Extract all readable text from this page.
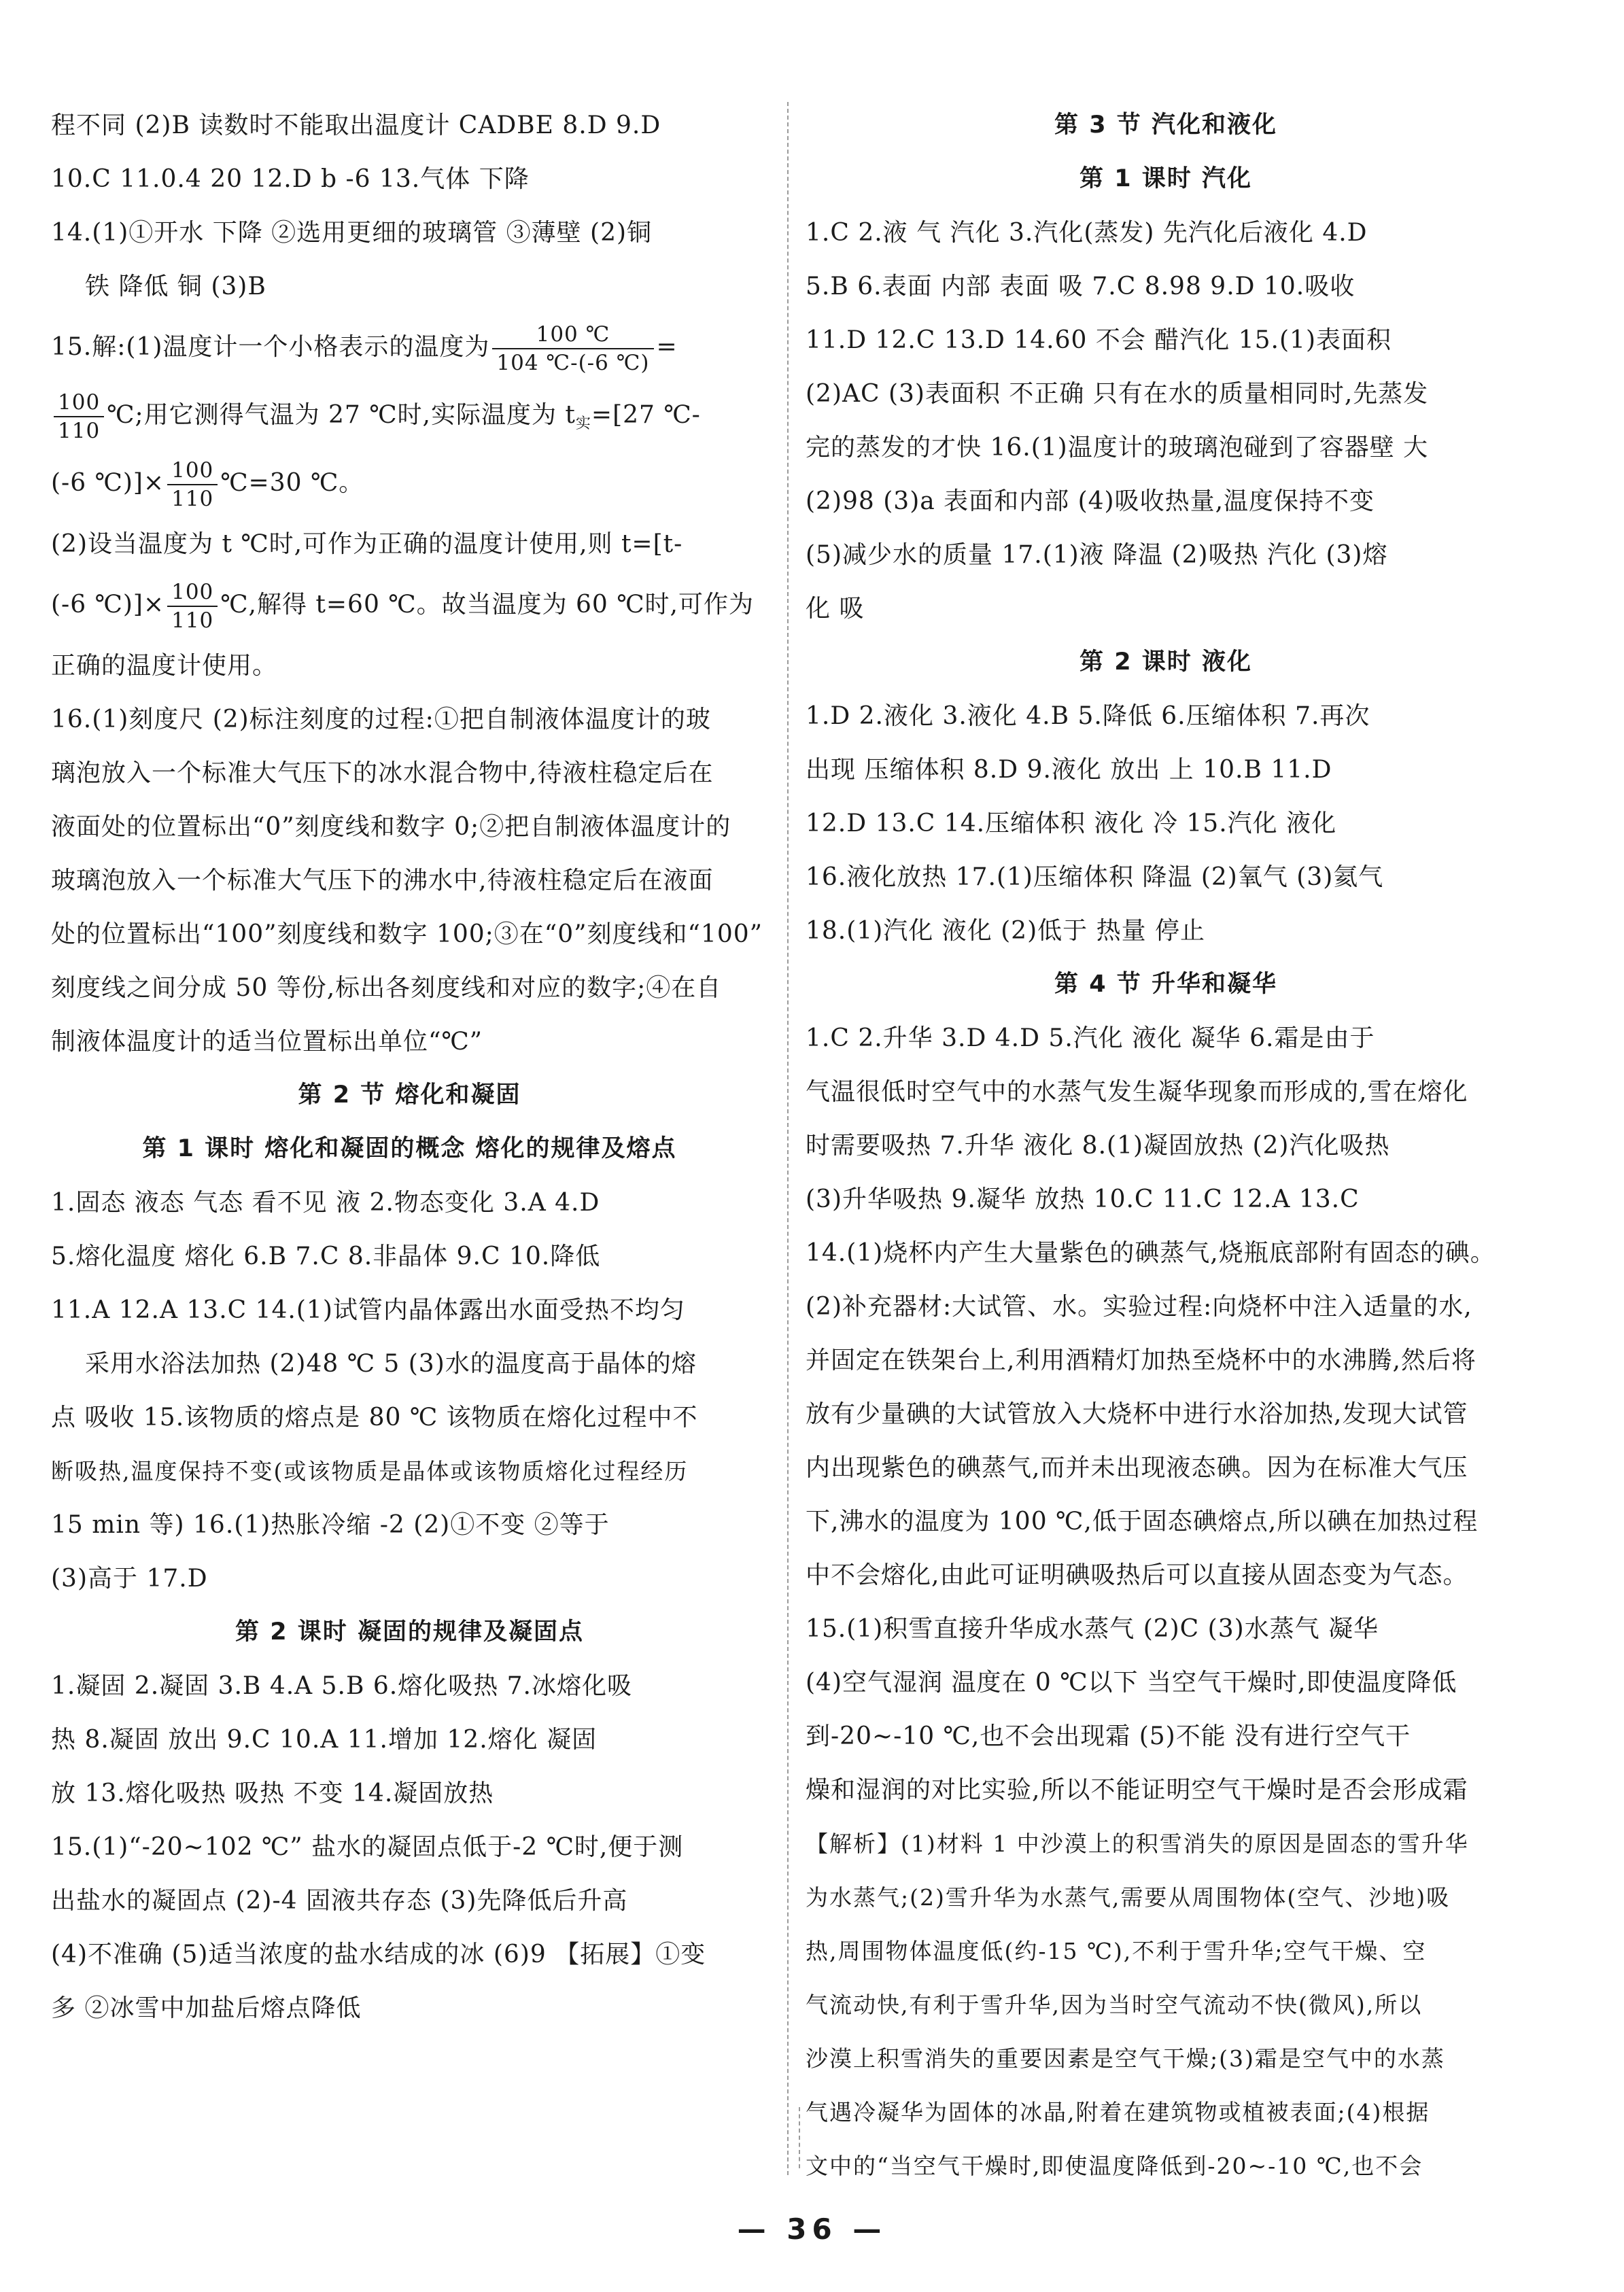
程不同 (2)B 读数时不能取出温度计 CADBE 8.D 9.D
10.C 11.0.4 20 12.D b -6 13.气体 下降
14.(1)①开水 下降 ②选用更细的玻璃管 ③薄壁 (2)铜
铁 降低 铜 (3)B
15.解:(1)温度计一个小格表示的温度为 $\frac{100 ℃}{104 ℃-(-6 ℃)}$ =
$\frac{100}{110}$ ℃;用它测得气温为 27 ℃时,实际温度为 $t_实=[27$ ℃-
(-6 ℃)]× $\frac{100}{110}$ ℃=30 ℃。
(2)设当温度为 t ℃时,可作为正确的温度计使用,则 t=[t-
(-6 ℃)]× $\frac{100}{110}$ ℃,解得 t=60 ℃。故当温度为 60 ℃时,可作为
正确的温度计使用。
16.(1)刻度尺 (2)标注刻度的过程:①把自制液体温度计的玻
璃泡放入一个标准大气压下的冰水混合物中,待液柱稳定后在
液面处的位置标出“0”刻度线和数字 0;②把自制液体温度计的
玻璃泡放入一个标准大气压下的沸水中,待液柱稳定后在液面
处的位置标出“100”刻度线和数字 100;③在“0”刻度线和“100”
刻度线之间分成 50 等份,标出各刻度线和对应的数字;④在自
制液体温度计的适当位置标出单位“℃”
第 2 节 熔化和凝固
第 1 课时 熔化和凝固的概念 熔化的规律及熔点
1.固态 液态 气态 看不见 液 2.物态变化 3.A 4.D
5.熔化温度 熔化 6.B 7.C 8.非晶体 9.C 10.降低
11.A 12.A 13.C 14.(1)试管内晶体露出水面受热不均匀
采用水浴法加热 (2)48 ℃ 5 (3)水的温度高于晶体的熔
点 吸收 15.该物质的熔点是 80 ℃ 该物质在熔化过程中不
断吸热,温度保持不变(或该物质是晶体或该物质熔化过程经历
15 min 等) 16.(1)热胀冷缩 -2 (2)①不变 ②等于
(3)高于 17.D
第 2 课时 凝固的规律及凝固点
1.凝固 2.凝固 3.B 4.A 5.B 6.熔化吸热 7.冰熔化吸
热 8.凝固 放出 9.C 10.A 11.增加 12.熔化 凝固
放 13.熔化吸热 吸热 不变 14.凝固放热
15.(1)“-20~102 ℃” 盐水的凝固点低于-2 ℃时,便于测
出盐水的凝固点 (2)-4 固液共存态 (3)先降低后升高
(4)不准确 (5)适当浓度的盐水结成的冰 (6)9 【拓展】①变
多 ②冰雪中加盐后熔点降低
第 3 节 汽化和液化
第 1 课时 汽化
1.C 2.液 气 汽化 3.汽化(蒸发) 先汽化后液化 4.D
5.B 6.表面 内部 表面 吸 7.C 8.98 9.D 10.吸收
11.D 12.C 13.D 14.60 不会 醋汽化 15.(1)表面积
(2)AC (3)表面积 不正确 只有在水的质量相同时,先蒸发
完的蒸发的才快 16.(1)温度计的玻璃泡碰到了容器壁 大
(2)98 (3)a 表面和内部 (4)吸收热量,温度保持不变
(5)减少水的质量 17.(1)液 降温 (2)吸热 汽化 (3)熔
化 吸
第 2 课时 液化
1.D 2.液化 3.液化 4.B 5.降低 6.压缩体积 7.再次
出现 压缩体积 8.D 9.液化 放出 上 10.B 11.D
12.D 13.C 14.压缩体积 液化 冷 15.汽化 液化
16.液化放热 17.(1)压缩体积 降温 (2)氧气 (3)氦气
18.(1)汽化 液化 (2)低于 热量 停止
第 4 节 升华和凝华
1.C 2.升华 3.D 4.D 5.汽化 液化 凝华 6.霜是由于
气温很低时空气中的水蒸气发生凝华现象而形成的,雪在熔化
时需要吸热 7.升华 液化 8.(1)凝固放热 (2)汽化吸热
(3)升华吸热 9.凝华 放热 10.C 11.C 12.A 13.C
14.(1)烧杯内产生大量紫色的碘蒸气,烧瓶底部附有固态的碘。
(2)补充器材:大试管、水。实验过程:向烧杯中注入适量的水,
并固定在铁架台上,利用酒精灯加热至烧杯中的水沸腾,然后将
放有少量碘的大试管放入大烧杯中进行水浴加热,发现大试管
内出现紫色的碘蒸气,而并未出现液态碘。因为在标准大气压
下,沸水的温度为 100 ℃,低于固态碘熔点,所以碘在加热过程
中不会熔化,由此可证明碘吸热后可以直接从固态变为气态。
15.(1)积雪直接升华成水蒸气 (2)C (3)水蒸气 凝华
(4)空气湿润 温度在 0 ℃以下 当空气干燥时,即使温度降低
到-20~-10 ℃,也不会出现霜 (5)不能 没有进行空气干
燥和湿润的对比实验,所以不能证明空气干燥时是否会形成霜
【解析】(1)材料 1 中沙漠上的积雪消失的原因是固态的雪升华
为水蒸气;(2)雪升华为水蒸气,需要从周围物体(空气、沙地)吸
热,周围物体温度低(约-15 ℃),不利于雪升华;空气干燥、空
气流动快,有利于雪升华,因为当时空气流动不快(微风),所以
沙漠上积雪消失的重要因素是空气干燥;(3)霜是空气中的水蒸
气遇冷凝华为固体的冰晶,附着在建筑物或植被表面;(4)根据
文中的“当空气干燥时,即使温度降低到-20~-10 ℃,也不会
— 36 —
